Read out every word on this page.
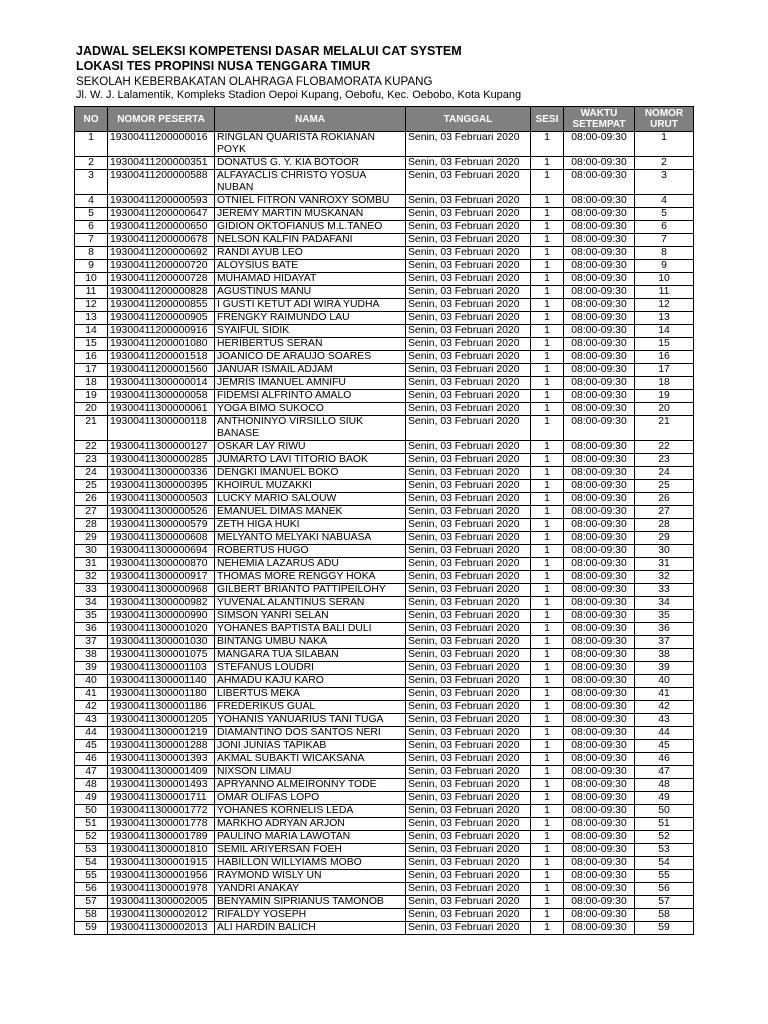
JADWAL SELEKSI KOMPETENSI DASAR MELALUI CAT SYSTEM
LOKASI TES PROPINSI NUSA TENGGARA TIMUR
SEKOLAH KEBERBAKATAN OLAHRAGA FLOBAMORATA KUPANG
Jl. W. J. Lalamentik, Kompleks Stadion Oepoi Kupang, Oebofu, Kec. Oebobo, Kota Kupang
NO	NOMOR PESERTA	NAMA	TANGGAL	SESI	WAKTU SETEMPAT	NOMOR URUT
1	19300411200000016	RINGLAN QUARISTA ROKIANAN POYK	Senin, 03 Februari 2020	1	08:00-09:30	1
2	19300411200000351	DONATUS G. Y. KIA BOTOOR	Senin, 03 Februari 2020	1	08:00-09:30	2
3	19300411200000588	ALFAYACLIS CHRISTO YOSUA NUBAN	Senin, 03 Februari 2020	1	08:00-09:30	3
4	19300411200000593	OTNIEL FITRON VANROXY SOMBU	Senin, 03 Februari 2020	1	08:00-09:30	4
5	19300411200000647	JEREMY MARTIN MUSKANAN	Senin, 03 Februari 2020	1	08:00-09:30	5
6	19300411200000650	GIDION OKTOFIANUS M.L.TANEO	Senin, 03 Februari 2020	1	08:00-09:30	6
7	19300411200000678	NELSON KALFIN PADAFANI	Senin, 03 Februari 2020	1	08:00-09:30	7
8	19300411200000692	RANDI AYUB LEO	Senin, 03 Februari 2020	1	08:00-09:30	8
9	19300411200000720	ALOYSIUS BATE	Senin, 03 Februari 2020	1	08:00-09:30	9
10	19300411200000728	MUHAMAD HIDAYAT	Senin, 03 Februari 2020	1	08:00-09:30	10
11	19300411200000828	AGUSTINUS MANU	Senin, 03 Februari 2020	1	08:00-09:30	11
12	19300411200000855	I GUSTI KETUT ADI WIRA YUDHA	Senin, 03 Februari 2020	1	08:00-09:30	12
13	19300411200000905	FRENGKY RAIMUNDO LAU	Senin, 03 Februari 2020	1	08:00-09:30	13
14	19300411200000916	SYAIFUL SIDIK	Senin, 03 Februari 2020	1	08:00-09:30	14
15	19300411200001080	HERIBERTUS SERAN	Senin, 03 Februari 2020	1	08:00-09:30	15
16	19300411200001518	JOANICO DE ARAUJO SOARES	Senin, 03 Februari 2020	1	08:00-09:30	16
17	19300411200001560	JANUAR ISMAIL ADJAM	Senin, 03 Februari 2020	1	08:00-09:30	17
18	19300411300000014	JEMRIS IMANUEL AMNIFU	Senin, 03 Februari 2020	1	08:00-09:30	18
19	19300411300000058	FIDEMSI ALFRINTO AMALO	Senin, 03 Februari 2020	1	08:00-09:30	19
20	19300411300000061	YOGA BIMO SUKOCO	Senin, 03 Februari 2020	1	08:00-09:30	20
21	19300411300000118	ANTHONINYO VIRSILLO SIUK BANASE	Senin, 03 Februari 2020	1	08:00-09:30	21
22	19300411300000127	OSKAR LAY RIWU	Senin, 03 Februari 2020	1	08:00-09:30	22
23	19300411300000285	JUMARTO LAVI TITORIO BAOK	Senin, 03 Februari 2020	1	08:00-09:30	23
24	19300411300000336	DENGKI IMANUEL BOKO	Senin, 03 Februari 2020	1	08:00-09:30	24
25	19300411300000395	KHOIRUL MUZAKKI	Senin, 03 Februari 2020	1	08:00-09:30	25
26	19300411300000503	LUCKY MARIO SALOUW	Senin, 03 Februari 2020	1	08:00-09:30	26
27	19300411300000526	EMANUEL DIMAS MANEK	Senin, 03 Februari 2020	1	08:00-09:30	27
28	19300411300000579	ZETH HIGA HUKI	Senin, 03 Februari 2020	1	08:00-09:30	28
29	19300411300000608	MELYANTO MELYAKI NABUASA	Senin, 03 Februari 2020	1	08:00-09:30	29
30	19300411300000694	ROBERTUS HUGO	Senin, 03 Februari 2020	1	08:00-09:30	30
31	19300411300000870	NEHEMIA LAZARUS ADU	Senin, 03 Februari 2020	1	08:00-09:30	31
32	19300411300000917	THOMAS MORE RENGGY HOKA	Senin, 03 Februari 2020	1	08:00-09:30	32
33	19300411300000968	GILBERT BRIANTO PATTIPEILOHY	Senin, 03 Februari 2020	1	08:00-09:30	33
34	19300411300000982	YUVENAL ALANTINUS SERAN	Senin, 03 Februari 2020	1	08:00-09:30	34
35	19300411300000990	SIMSON YANRI SELAN	Senin, 03 Februari 2020	1	08:00-09:30	35
36	19300411300001020	YOHANES BAPTISTA BALI DULI	Senin, 03 Februari 2020	1	08:00-09:30	36
37	19300411300001030	BINTANG UMBU NAKA	Senin, 03 Februari 2020	1	08:00-09:30	37
38	19300411300001075	MANGARA TUA SILABAN	Senin, 03 Februari 2020	1	08:00-09:30	38
39	19300411300001103	STEFANUS LOUDRI	Senin, 03 Februari 2020	1	08:00-09:30	39
40	19300411300001140	AHMADU KAJU KARO	Senin, 03 Februari 2020	1	08:00-09:30	40
41	19300411300001180	LIBERTUS MEKA	Senin, 03 Februari 2020	1	08:00-09:30	41
42	19300411300001186	FREDERIKUS GUAL	Senin, 03 Februari 2020	1	08:00-09:30	42
43	19300411300001205	YOHANIS YANUARIUS TANI TUGA	Senin, 03 Februari 2020	1	08:00-09:30	43
44	19300411300001219	DIAMANTINO DOS SANTOS NERI	Senin, 03 Februari 2020	1	08:00-09:30	44
45	19300411300001288	JONI JUNIAS TAPIKAB	Senin, 03 Februari 2020	1	08:00-09:30	45
46	19300411300001393	AKMAL SUBAKTI WICAKSANA	Senin, 03 Februari 2020	1	08:00-09:30	46
47	19300411300001409	NIXSON LIMAU	Senin, 03 Februari 2020	1	08:00-09:30	47
48	19300411300001493	APRYANNO ALMEIRONNY TODE	Senin, 03 Februari 2020	1	08:00-09:30	48
49	19300411300001711	OMAR OLIFAS LOPO	Senin, 03 Februari 2020	1	08:00-09:30	49
50	19300411300001772	YOHANES KORNELIS LEDA	Senin, 03 Februari 2020	1	08:00-09:30	50
51	19300411300001778	MARKHO ADRYAN ARJON	Senin, 03 Februari 2020	1	08:00-09:30	51
52	19300411300001789	PAULINO MARIA LAWOTAN	Senin, 03 Februari 2020	1	08:00-09:30	52
53	19300411300001810	SEMIL ARIYERSAN FOEH	Senin, 03 Februari 2020	1	08:00-09:30	53
54	19300411300001915	HABILLON WILLYIAMS MOBO	Senin, 03 Februari 2020	1	08:00-09:30	54
55	19300411300001956	RAYMOND WISLY UN	Senin, 03 Februari 2020	1	08:00-09:30	55
56	19300411300001978	YANDRI ANAKAY	Senin, 03 Februari 2020	1	08:00-09:30	56
57	19300411300002005	BENYAMIN SIPRIANUS TAMONOB	Senin, 03 Februari 2020	1	08:00-09:30	57
58	19300411300002012	RIFALDY YOSEPH	Senin, 03 Februari 2020	1	08:00-09:30	58
59	19300411300002013	ALI HARDIN BALICH	Senin, 03 Februari 2020	1	08:00-09:30	59
